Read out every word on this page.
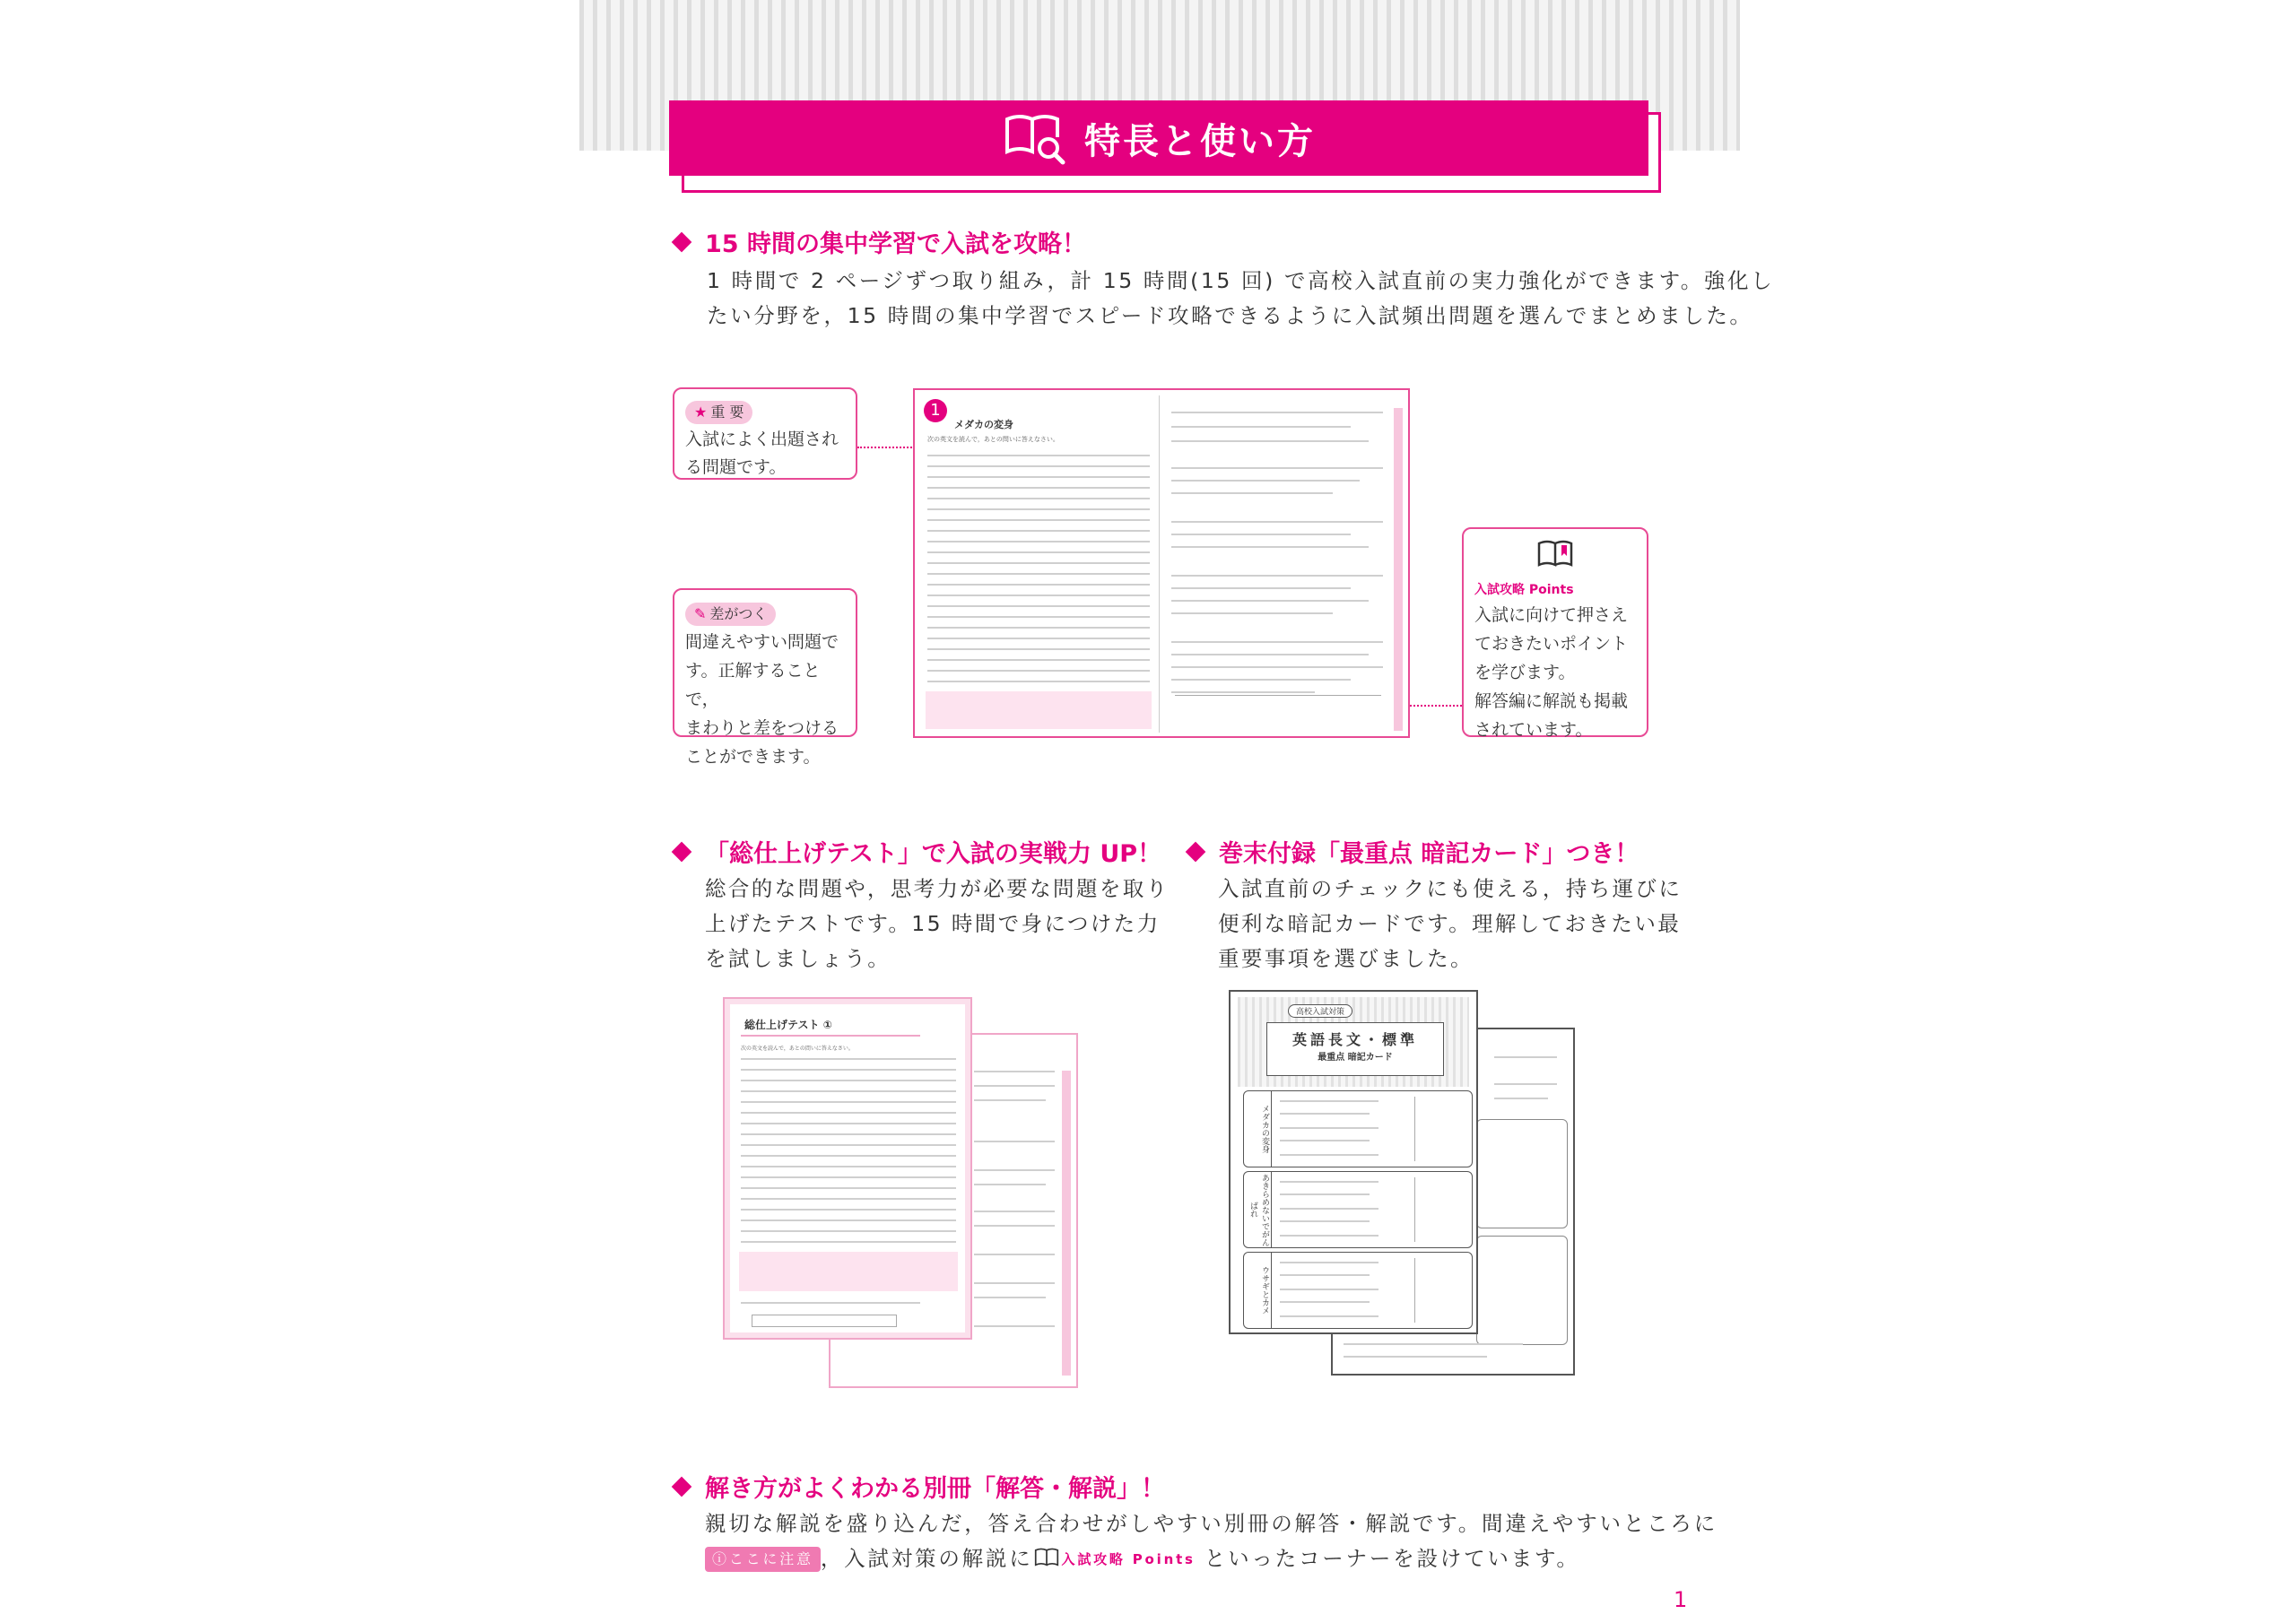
特長と使い方
15 時間の集中学習で入試を攻略！
1 時間で 2 ページずつ取り組み，計 15 時間(15 回) で高校入試直前の実力強化ができます。強化し
たい分野を，15 時間の集中学習でスピード攻略できるように入試頻出問題を選んでまとめました。
★ 重 要
入試によく出題され
る問題です。
✎ 差がつく
間違えやすい問題で
す。正解することで，
まわりと差をつける
ことができます。
入試攻略 Points
入試に向けて押さえ
ておきたいポイント
を学びます。
解答編に解説も掲載
されています。
1
メダカの変身
次の英文を読んで，あとの問いに答えなさい。
「総仕上げテスト」で入試の実戦力 UP！
総合的な問題や，思考力が必要な問題を取り
上げたテストです。15 時間で身につけた力
を試しましょう。
巻末付録「最重点 暗記カード」つき！
入試直前のチェックにも使える，持ち運びに
便利な暗記カードです。理解しておきたい最
重要事項を選びました。
総仕上げテスト ①
次の英文を読んで，あとの問いに答えなさい。
高校入試対策
英語長文・標準
最重点 暗記カード
メダカの変身
あきらめないでがんばれ
ウサギとカメ
解き方がよくわかる別冊「解答・解説」！
親切な解説を盛り込んだ，答え合わせがしやすい別冊の解答・解説です。間違えやすいところに
ⓘここに注意 ，入試対策の解説に 入試攻略 Points といったコーナーを設けています。
1
